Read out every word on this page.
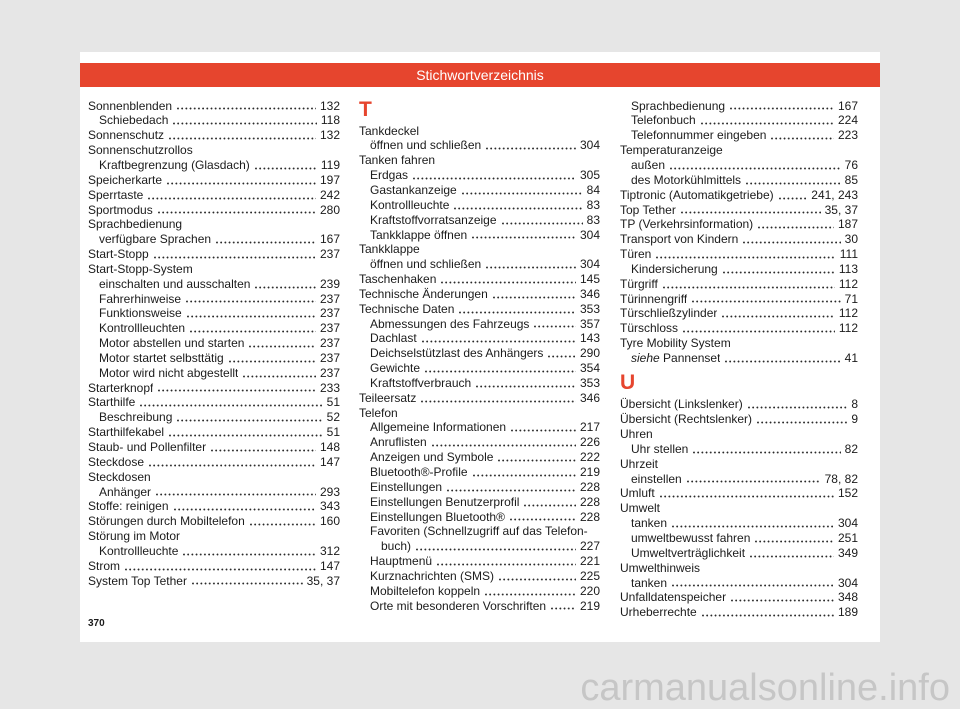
Stichwortverzeichnis
Sonnenblenden	132
Schiebedach	118
Sonnenschutz	132
Sonnenschutzrollos
Kraftbegrenzung (Glasdach)	119
Speicherkarte	197
Sperrtaste	242
Sportmodus	280
Sprachbedienung
verfügbare Sprachen	167
Start-Stopp	237
Start-Stopp-System
einschalten und ausschalten	239
Fahrerhinweise	237
Funktionsweise	237
Kontrollleuchten	237
Motor abstellen und starten	237
Motor startet selbsttätig	237
Motor wird nicht abgestellt	237
Starterknopf	233
Starthilfe	51
Beschreibung	52
Starthilfekabel	51
Staub- und Pollenfilter	148
Steckdose	147
Steckdosen
Anhänger	293
Stoffe: reinigen	343
Störungen durch Mobiltelefon	160
Störung im Motor
Kontrollleuchte	312
Strom	147
System Top Tether	35, 37
T
Tankdeckel
öffnen und schließen	304
Tanken fahren
Erdgas	305
Gastankanzeige	84
Kontrollleuchte	83
Kraftstoffvorratsanzeige	83
Tankklappe öffnen	304
Tankklappe
öffnen und schließen	304
Taschenhaken	145
Technische Änderungen	346
Technische Daten	353
Abmessungen des Fahrzeugs	357
Dachlast	143
Deichselstützlast des Anhängers	290
Gewichte	354
Kraftstoffverbrauch	353
Teileersatz	346
Telefon
Allgemeine Informationen	217
Anruflisten	226
Anzeigen und Symbole	222
Bluetooth®-Profile	219
Einstellungen	228
Einstellungen Benutzerprofil	228
Einstellungen Bluetooth®	228
Favoriten (Schnellzugriff auf das Telefon-
buch)	227
Hauptmenü	221
Kurznachrichten (SMS)	225
Mobiltelefon koppeln	220
Orte mit besonderen Vorschriften	219
Sprachbedienung	167
Telefonbuch	224
Telefonnummer eingeben	223
Temperaturanzeige
außen	76
des Motorkühlmittels	85
Tiptronic (Automatikgetriebe)	241, 243
Top Tether	35, 37
TP (Verkehrsinformation)	187
Transport von Kindern	30
Türen	111
Kindersicherung	113
Türgriff	112
Türinnengriff	71
Türschließzylinder	112
Türschloss	112
Tyre Mobility System
siehe Pannenset	41
U
Übersicht (Linkslenker)	8
Übersicht (Rechtslenker)	9
Uhren
Uhr stellen	82
Uhrzeit
einstellen	78, 82
Umluft	152
Umwelt
tanken	304
umweltbewusst fahren	251
Umweltverträglichkeit	349
Umwelthinweis
tanken	304
Unfalldatenspeicher	348
Urheberrechte	189
370
carmanualsonline.info
